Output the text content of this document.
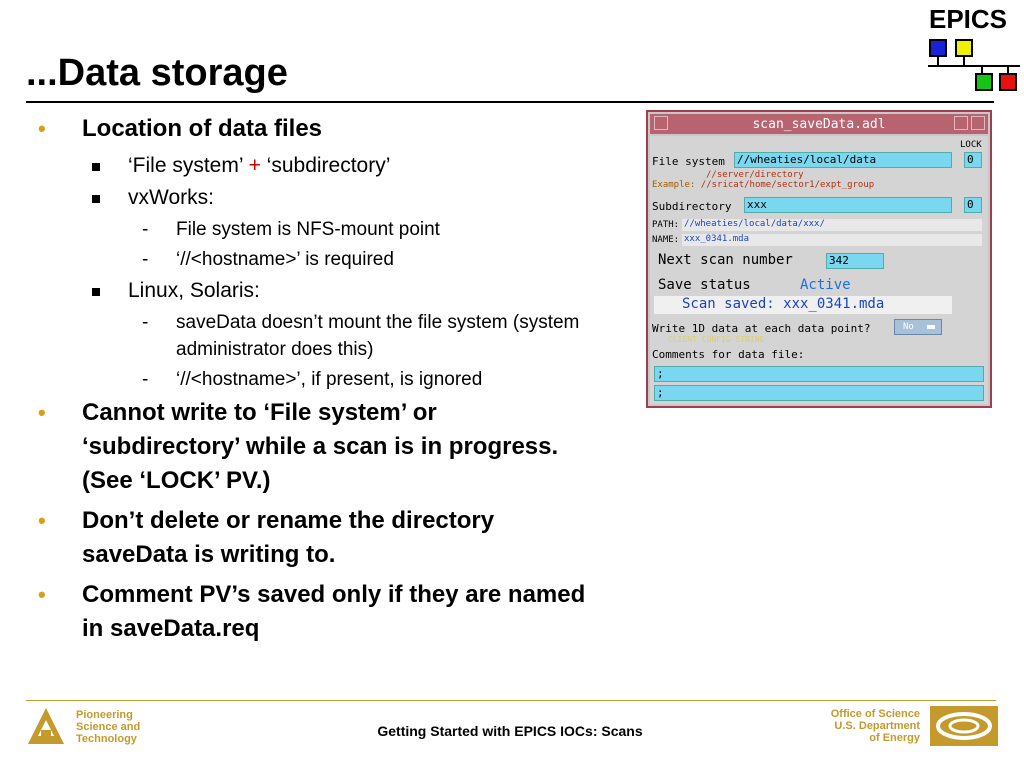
...Data storage
EPICS
• Location of data files
‘File system’ + ‘subdirectory’
vxWorks:
- File system is NFS-mount point
- ‘//<hostname>’ is required
Linux, Solaris:
- saveData doesn’t mount the file system (system administrator does this)
- ‘//<hostname>’, if present, is ignored
• Cannot write to ‘File system’ or ‘subdirectory’ while a scan is in progress. (See ‘LOCK’ PV.)
• Don’t delete or rename the directory saveData is writing to.
• Comment PV’s saved only if they are named in saveData.req
scan_saveData.adl
LOCK
File system //wheaties/local/data	0
//server/directory
Example: //sricat/home/sector1/expt_group
Subdirectory xxx	0
PATH: //wheaties/local/data/xxx/
NAME: xxx_0341.mda
Next scan number	342
Save status	Active
Scan saved: xxx_0341.mda
Write 1D data at each data point?	No
CLIENT CONFIG STRING
Comments for data file:
;
;
Pioneering
Science and
Technology	Getting Started with EPICS IOCs: Scans
Office of Science
U.S. Department
of Energy
